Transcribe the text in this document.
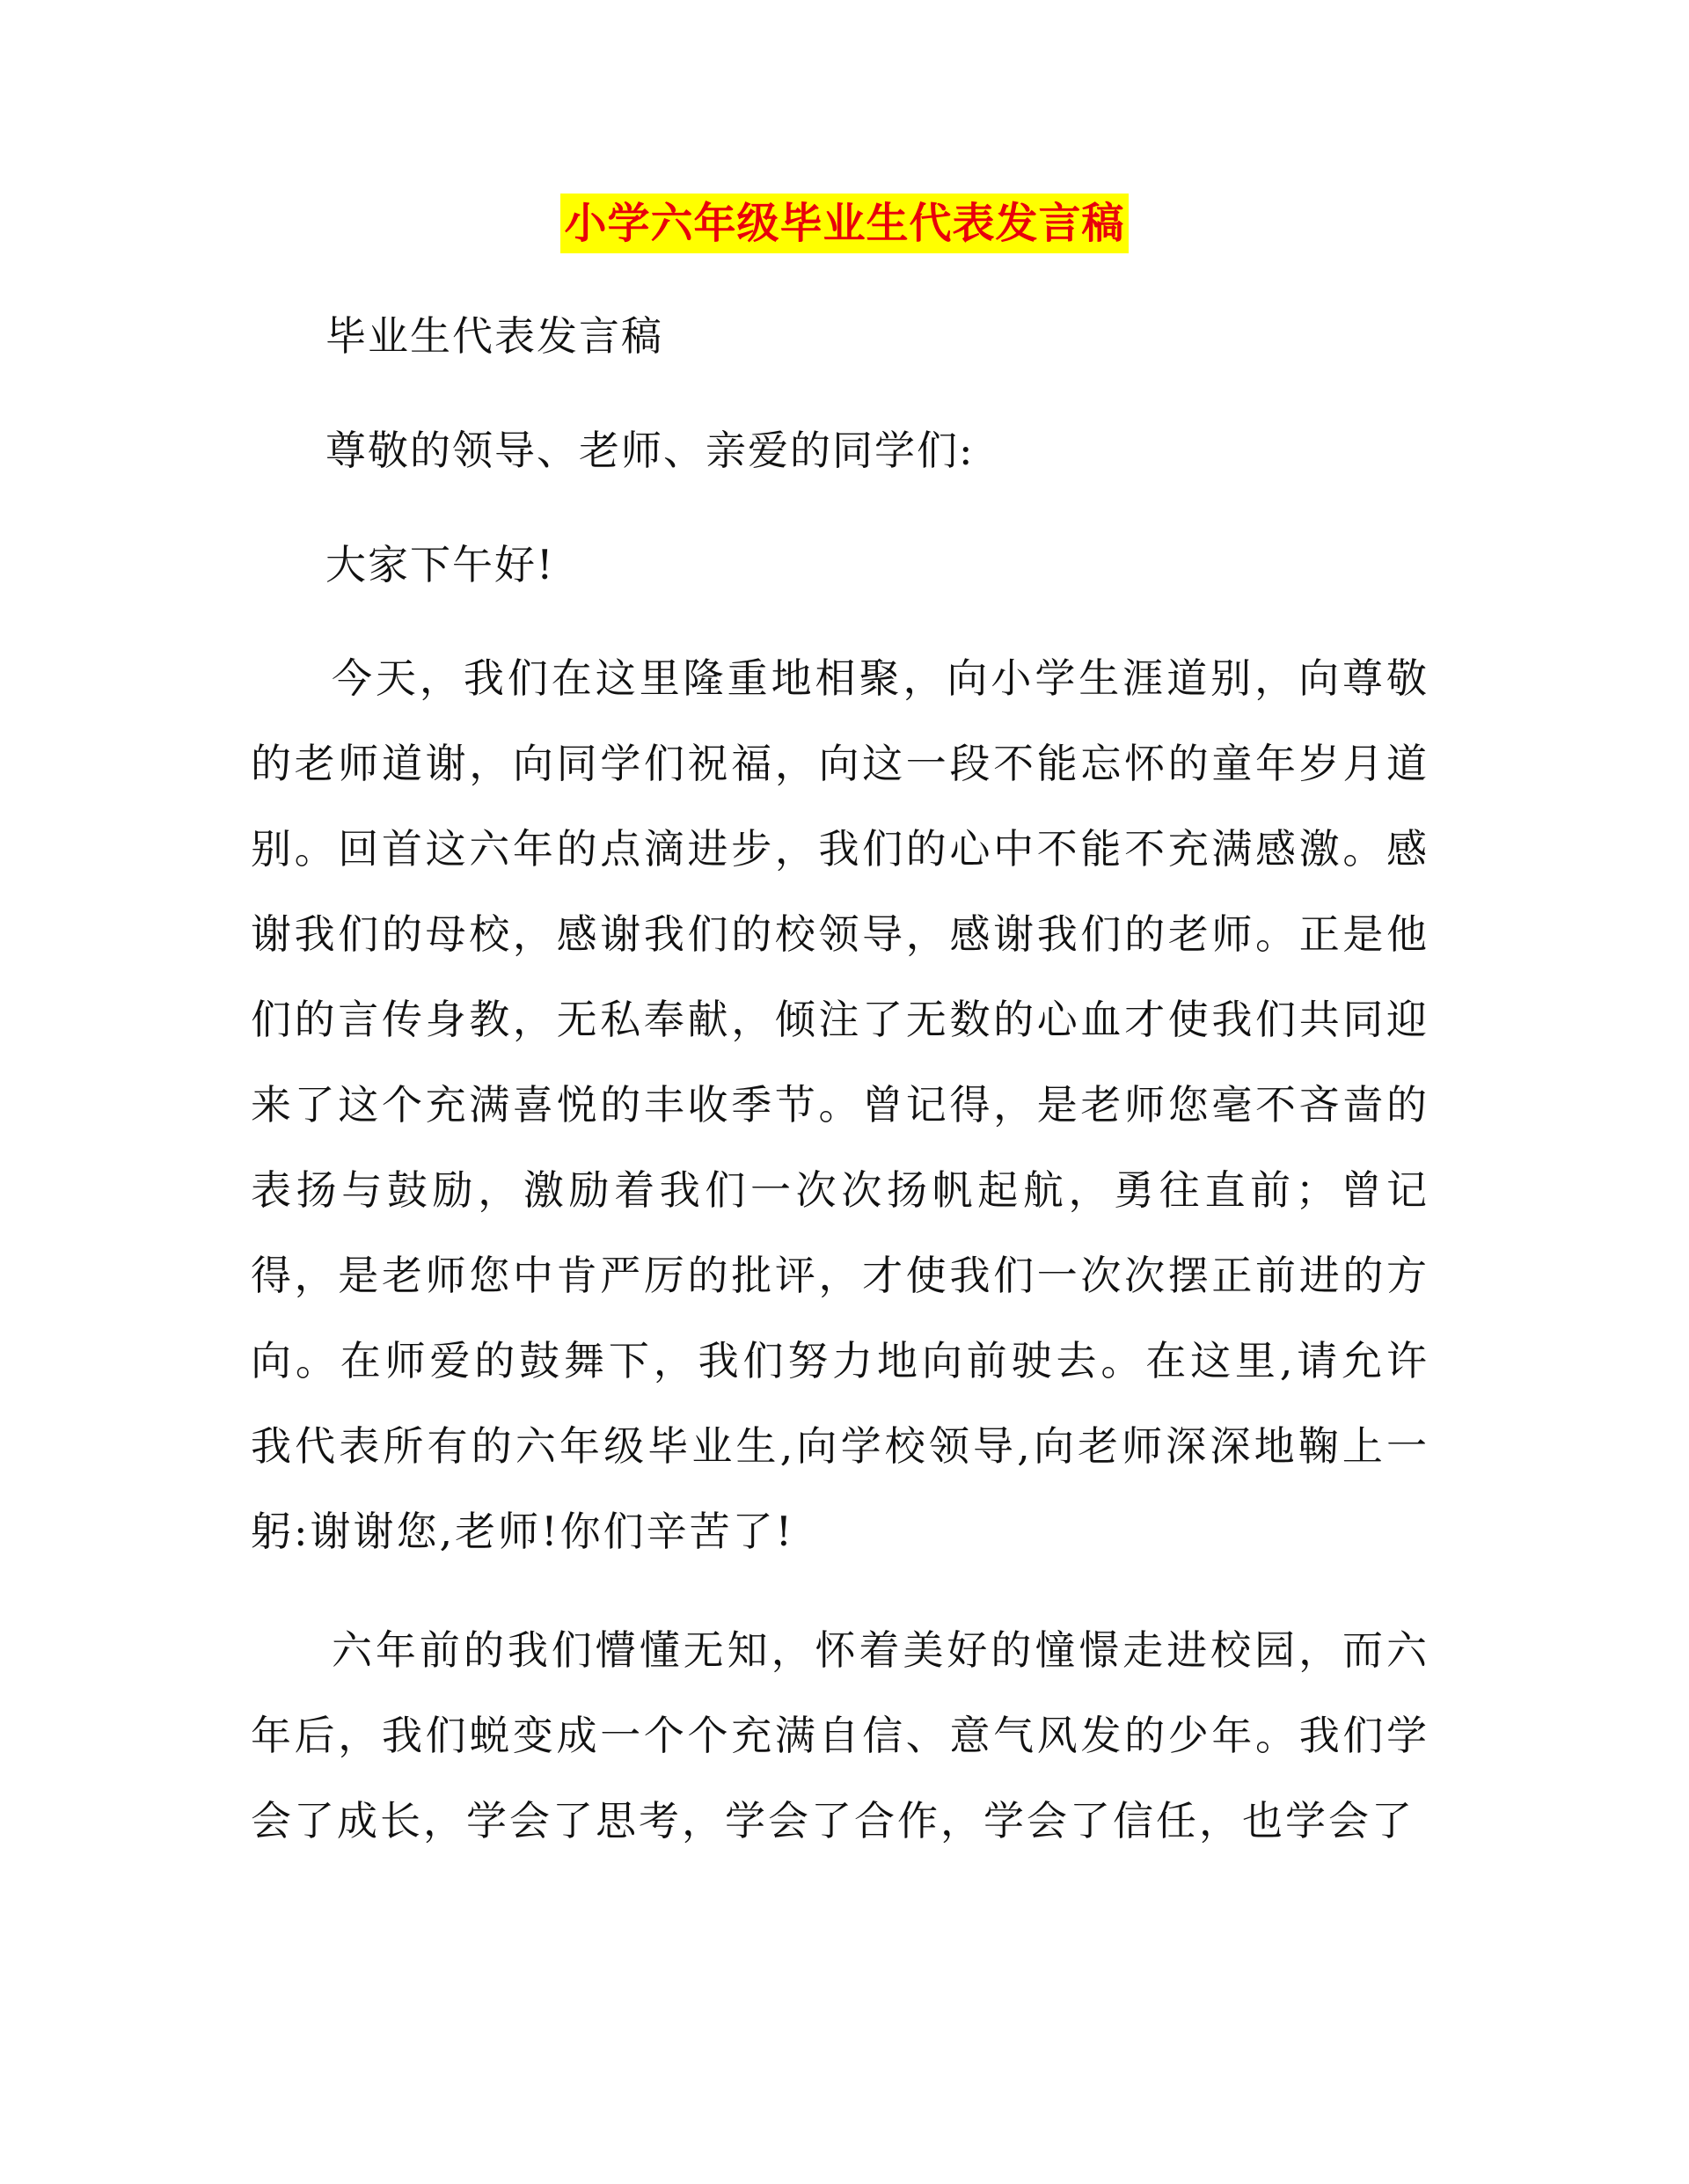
小学六年级毕业生代表发言稿
毕业生代表发言稿
尊敬的领导、老师、亲爱的同学们:
大家下午好!
今天，我们在这里隆重地相聚，向小学生涯道别，向尊敬的老师道谢，向同学们祝福，向这一段不能忘怀的童年岁月道别。回首这六年的点滴进步，我们的心中不能不充满感激。感谢我们的母校，感谢我们的校领导，感谢我们的老师。正是他们的言传身教，无私奉献，倾注了无数的心血才使我们共同迎来了这个充满喜悦的丰收季节。曾记得，是老师您毫不吝啬的表扬与鼓励，激励着我们一次次扬帆起航，勇往直前；曾记得，是老师您中肯严厉的批评，才使我们一次次摆正前进的方向。在师爱的鼓舞下，我们努力地向前驶去。在这里,请允许我代表所有的六年级毕业生,向学校领导,向老师深深地鞠上一躬:谢谢您,老师!你们辛苦了!
六年前的我们懵懂无知，怀着美好的憧憬走进校园，而六年后，我们蜕变成一个个充满自信、意气风发的少年。我们学会了成长，学会了思考，学会了合作，学会了信任，也学会了
